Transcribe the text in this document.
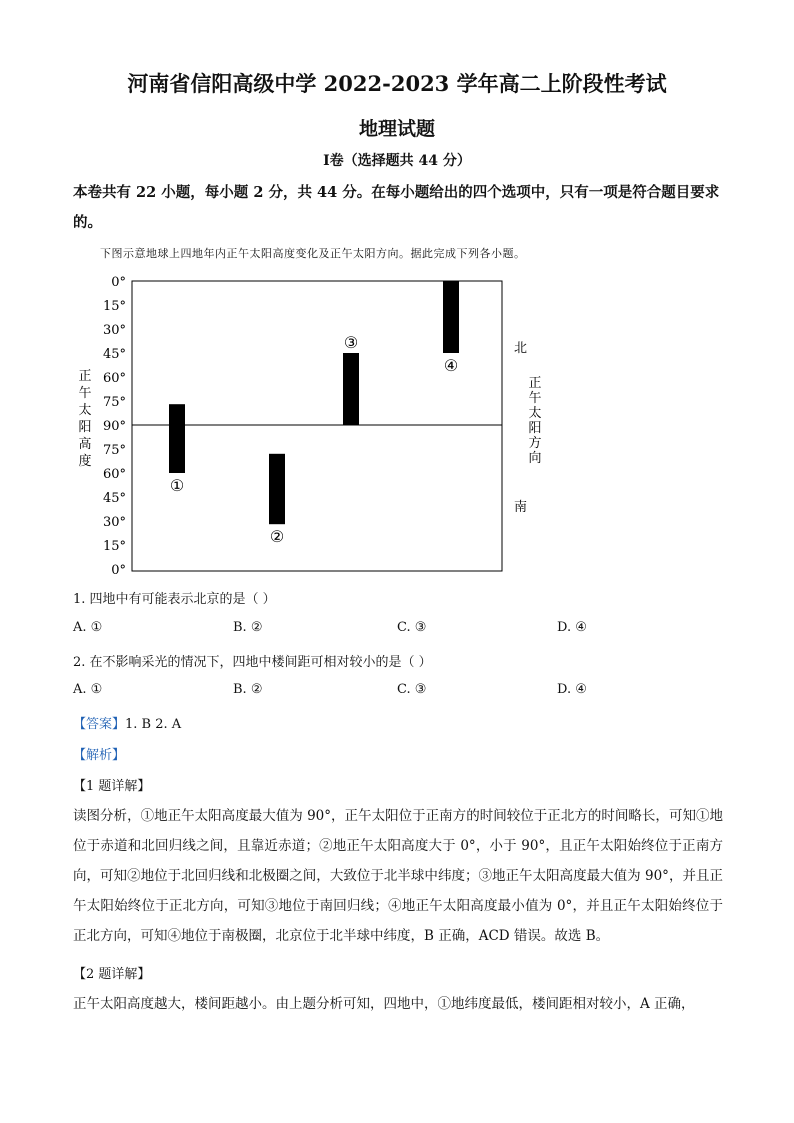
河南省信阳高级中学 2022-2023 学年高二上阶段性考试
地理试题
Ⅰ卷（选择题共 44 分）
本卷共有 22 小题，每小题 2 分，共 44 分。在每小题给出的四个选项中，只有一项是符合题目要求的。
下图示意地球上四地年内正午太阳高度变化及正午太阳方向。据此完成下列各小题。
0°
15°
30°
45°
60°
75°
90°
75°
60°
45°
30°
15°
0°
①
②
③
④
北
南
正
午
太
阳
高
度
正
午
太
阳
方
向
1. 四地中有可能表示北京的是（ ）
A. ①	B. ②	C. ③	D. ④
2. 在不影响采光的情况下，四地中楼间距可相对较小的是（ ）
A. ①	B. ②	C. ③	D. ④
【答案】1. B 2. A
【解析】
【1 题详解】
读图分析，①地正午太阳高度最大值为 90°，正午太阳位于正南方的时间较位于正北方的时间略长，可知①地位于赤道和北回归线之间，且靠近赤道；②地正午太阳高度大于 0°，小于 90°，且正午太阳始终位于正南方向，可知②地位于北回归线和北极圈之间，大致位于北半球中纬度；③地正午太阳高度最大值为 90°，并且正午太阳始终位于正北方向，可知③地位于南回归线；④地正午太阳高度最小值为 0°，并且正午太阳始终位于正北方向，可知④地位于南极圈，北京位于北半球中纬度，B 正确，ACD 错误。故选 B。
【2 题详解】
正午太阳高度越大，楼间距越小。由上题分析可知，四地中，①地纬度最低，楼间距相对较小，A 正确，
